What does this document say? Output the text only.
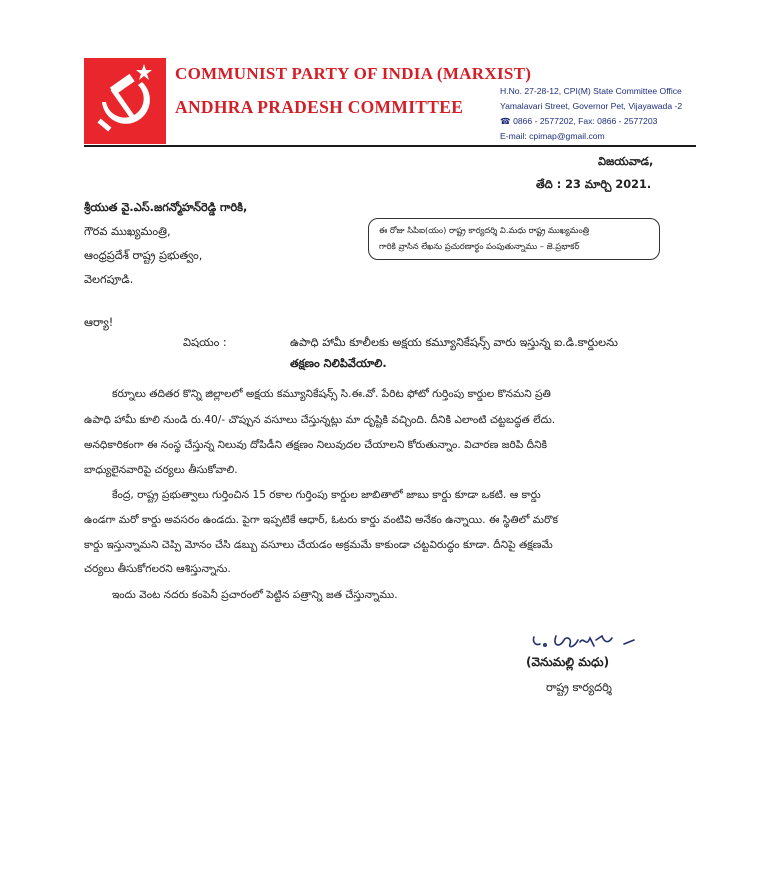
COMMUNIST PARTY OF INDIA (MARXIST)
ANDHRA PRADESH COMMITTEE
H.No. 27-28-12, CPI(M) State Committee Office
Yamalavari Street, Governor Pet, Vijayawada -2
☎ 0866 - 2577202, Fax: 0866 - 2577203
E-mail: cpimap@gmail.com
విజయవాడ,
తేది : 23 మార్చి 2021.
శ్రీయుత వై.ఎస్.జగన్మోహన్‌రెడ్డి గారికి,
గౌరవ ముఖ్యమంత్రి,
ఆంధ్రప్రదేశ్ రాష్ట్ర ప్రభుత్వం,
వెలగపూడి.
ఈ రోజు సిపిఐ(యం) రాష్ట్ర కార్యదర్శి వి.మధు రాష్ట్ర ముఖ్యమంత్రి
గారికి వ్రాసిన లేఖను ప్రచురణార్థం పంపుతున్నాము – జె.ప్రభాకర్
ఆర్యా!
విషయం :	ఉపాధి హామీ కూలీలకు అక్షయ కమ్యూనికేషన్స్ వారు ఇస్తున్న ఐ.డి.కార్డులను
తక్షణం నిలిపివేయాలి.
కర్నూలు తదితర కొన్ని జిల్లాలలో అక్షయ కమ్యూనికేషన్స్ సి.ఈ.వో. పేరిట ఫోటో గుర్తింపు కార్డుల కొనమని ప్రతి
ఉపాధి హామీ కూలి నుండి రు.40/- చొప్పున వసూలు చేస్తున్నట్లు మా దృష్టికి వచ్చింది. దీనికి ఎలాంటి చట్టబద్ధత లేదు.
అనధికారికంగా ఈ నంస్థ చేస్తున్న నిలువు దోపిడీని తక్షణం నిలువుదల చేయాలని కోరుతున్నాం. విచారణ జరిపి దీనికి
బాధ్యులైనవారిపై చర్యలు తీసుకోవాలి.
కేంద్ర, రాష్ట్ర ప్రభుత్వాలు గుర్తించిన 15 రకాల గుర్తింపు కార్డుల జాబితాలో జాబు కార్డు కూడా ఒకటి. ఆ కార్డు
ఉండగా మరో కార్డు అవసరం ఉండదు. పైగా ఇప్పటికే ఆధార్, ఓటరు కార్డు వంటివి అనేకం ఉన్నాయి. ఈ స్థితిలో మరొక
కార్డు ఇస్తున్నామని చెప్పి మోనం చేసి డబ్బు వసూలు చేయడం అక్రమమే కాకుండా చట్టవిరుద్ధం కూడా. దీనిపై తక్షణమే
చర్యలు తీసుకోగలరని ఆశిస్తున్నాను.
ఇందు వెంట నదరు కంపెనీ ప్రచారంలో పెట్టిన పత్రాన్ని జత చేస్తున్నాము.
(వెనుమల్లి మధు)
రాష్ట్ర కార్యదర్శి
